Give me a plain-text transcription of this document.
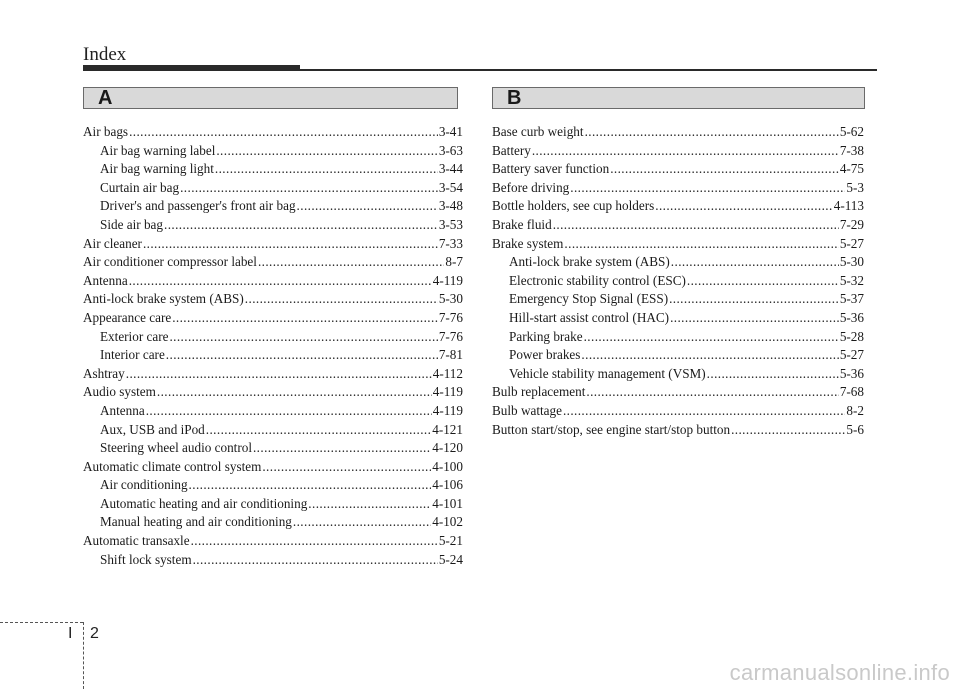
Index
A	B
Air bags .....	3-41
Air bag warning label .....	3-63
Air bag warning light .....	3-44
Curtain air bag .....	3-54
Driver's and passenger's front air bag .....	3-48
Side air bag .....	3-53
Air cleaner .....	7-33
Air conditioner compressor label .....	8-7
Antenna .....	4-119
Anti-lock brake system (ABS) .....	5-30
Appearance care .....	7-76
Exterior care .....	7-76
Interior care .....	7-81
Ashtray .....	4-112
Audio system .....	4-119
Antenna .....	4-119
Aux, USB and iPod .....	4-121
Steering wheel audio control .....	4-120
Automatic climate control system .....	4-100
Air conditioning .....	4-106
Automatic heating and air conditioning .....	4-101
Manual heating and air conditioning .....	4-102
Automatic transaxle .....	5-21
Shift lock system .....	5-24
Base curb weight .....	5-62
Battery .....	7-38
Battery saver function .....	4-75
Before driving .....	5-3
Bottle holders, see cup holders .....	4-113
Brake fluid .....	7-29
Brake system .....	5-27
Anti-lock brake system (ABS) .....	5-30
Electronic stability control (ESC) .....	5-32
Emergency Stop Signal (ESS) .....	5-37
Hill-start assist control (HAC) .....	5-36
Parking brake .....	5-28
Power brakes .....	5-27
Vehicle stability management (VSM) .....	5-36
Bulb replacement .....	7-68
Bulb wattage .....	8-2
Button start/stop, see engine start/stop button .....	5-6
I 2
carmanualsonline.info
